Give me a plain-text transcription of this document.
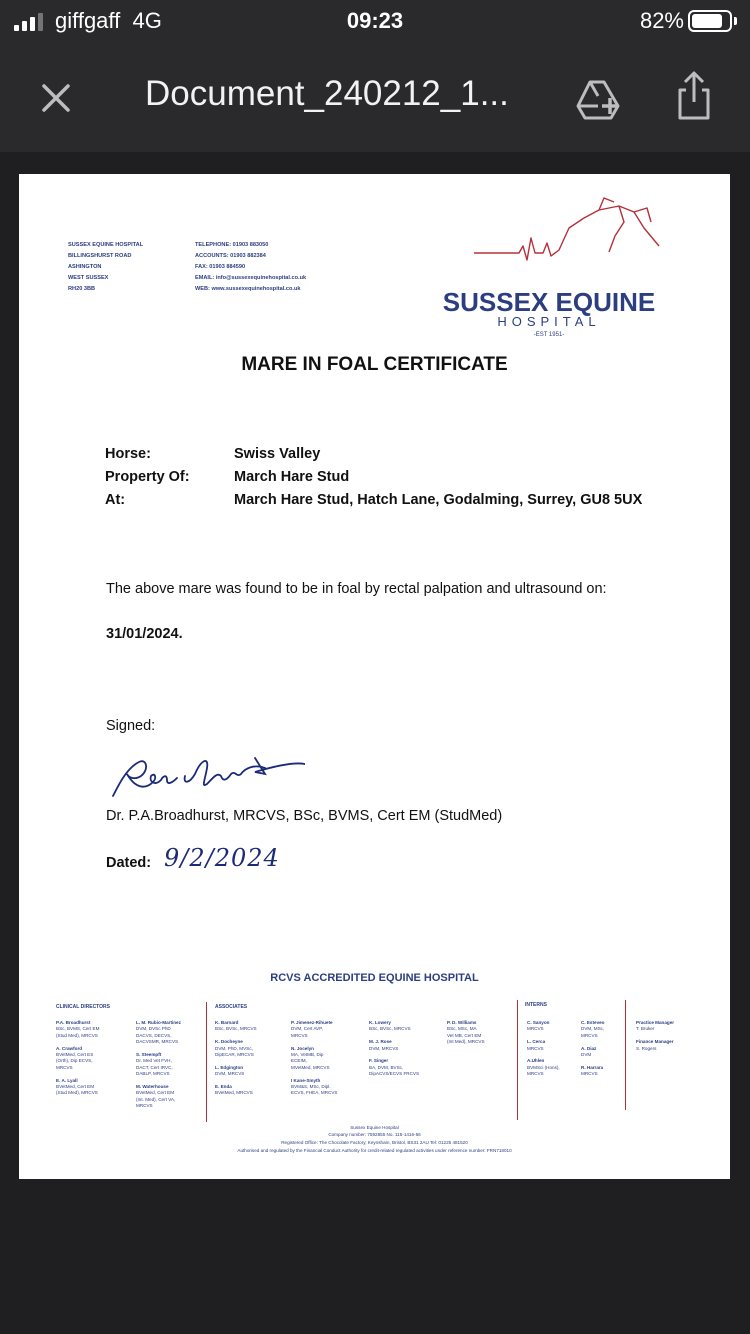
giffgaff 4G	09:23	82%
Document_240212_1...
SUSSEX EQUINE HOSPITAL
BILLINGSHURST ROAD
ASHINGTON
WEST SUSSEX
RH20 3BB
TELEPHONE: 01903 883050
ACCOUNTS: 01903 882384
FAX: 01903 884590
EMAIL: info@sussexequinehospital.co.uk
WEB: www.sussexequinehospital.co.uk	SUSSEX EQUINE
HOSPITAL
-EST 1951-
MARE IN FOAL CERTIFICATE
Horse:	Swiss Valley
Property Of:	March Hare Stud
At:	March Hare Stud, Hatch Lane, Godalming, Surrey, GU8 5UX
The above mare was found to be in foal by rectal palpation and ultrasound on:
31/01/2024.
Signed:
Dr. P.A.Broadhurst, MRCVS, BSc, BVMS, Cert EM (StudMed)
Dated: 9/2/2024
RCVS ACCREDITED EQUINE HOSPITAL
CLINICAL DIRECTORS	ASSOCIATES	INTERNS
P.A. Broadhurst
BSc, BVMS, Cert EM
(Stud Med), MRCVS

A. Crawford
BVetMed, Cert ES
(Orth), Dip ECVS,
MRCVS

E. A. Lyall
BVetMed, Cert EM
(Stud Med), MRCVS
L. M. Rubio-Martinez
DVM, DVSc PhD
DACVS, DECVS,
DACVSMR, MRCVS

S. Steempft
Dr. Med Vet FVH,
DACT, Cert IRVC,
DABLP, MRCVS

M. Waterhouse
BVetMed, Cert EM
(Int. Med), Cert VA,
MRCVS
K. Barnard
BSc, BVSc, MRCVS

K. Docheyne
DVM, PhD, MVSc,
DipECAR, MRCVS

L. Edgington
DVM, MRCVS

E. Enda
BVetMed, MRCVS
P. Jimenez-Rihuete
DVM, Cert AVP,
MRCVS

N. Jocelyn
MA, VetMB, Dip
ECEIM,
MVetMed, MRCVS

I Kane-Smyth
BVM&S, MSc, Dipl.
ECVS, FHEA, MRCVS
K. Lowery
BSc, BVSc, MRCVS

M. J. Rose
DVM, MRCVS

F. Singer
BA, DVM, BVSc,
DipACVS/ECVS FRCVS
P. D. Williams
BSc, MSc, MA
Vet MB, Cert EM
(Int Med), MRCVS
C. Sanyon
MRCVS

L. Cerca
MRCVS

A.Uhlen
BVMSci (Hons),
MRCVS
C. Esteveo
DVM, MSc,
MRCVS

A. Diaz
DVM

R. Harrara
MRCVS
Practice Manager
T. Bruker

Finance Manager
S. Rogers
Sussex Equine Hospital
Company number: 7592855 No. 115-1416-56
Registered Office: The Chocolate Factory, Keynsham, Bristol, BS31 2AU Tel: 01225 481520
Authorised and regulated by the Financial Conduct Authority for credit-related regulated activities under reference number: FRN718010
